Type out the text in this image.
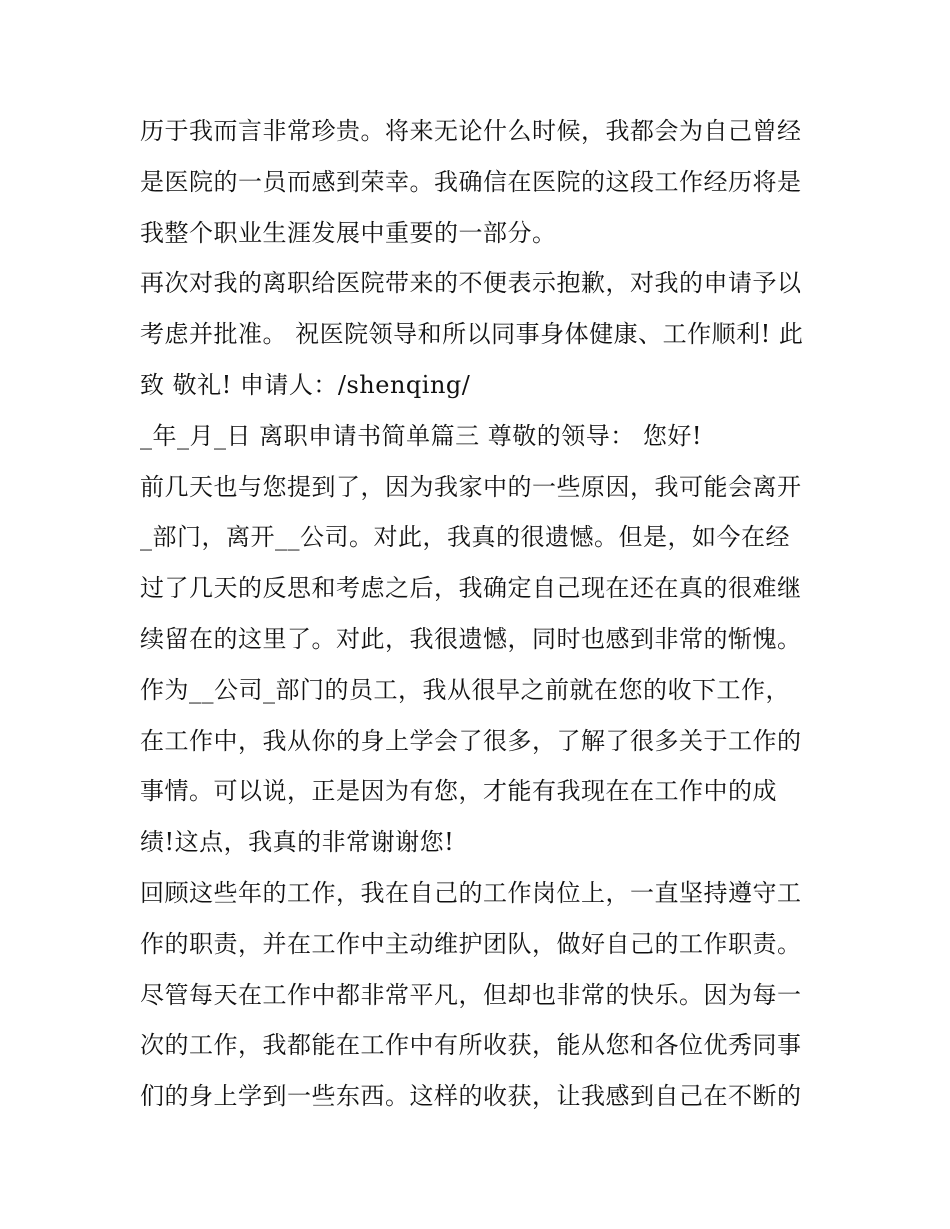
历于我而言非常珍贵。将来无论什么时候，我都会为自己曾经
是医院的一员而感到荣幸。我确信在医院的这段工作经历将是
我整个职业生涯发展中重要的一部分。
再次对我的离职给医院带来的不便表示抱歉，对我的申请予以
考虑并批准。 祝医院领导和所以同事身体健康、工作顺利! 此
致 敬礼! 申请人：/shenqing/
_年_月_日 离职申请书简单篇三 尊敬的领导： 您好!
前几天也与您提到了，因为我家中的一些原因，我可能会离开
_部门，离开__公司。对此，我真的很遗憾。但是，如今在经
过了几天的反思和考虑之后，我确定自己现在还在真的很难继
续留在的这里了。对此，我很遗憾，同时也感到非常的惭愧。
作为__公司_部门的员工，我从很早之前就在您的收下工作，
在工作中，我从你的身上学会了很多，了解了很多关于工作的
事情。可以说，正是因为有您，才能有我现在在工作中的成
绩!这点，我真的非常谢谢您!
回顾这些年的工作，我在自己的工作岗位上，一直坚持遵守工
作的职责，并在工作中主动维护团队，做好自己的工作职责。
尽管每天在工作中都非常平凡，但却也非常的快乐。因为每一
次的工作，我都能在工作中有所收获，能从您和各位优秀同事
们的身上学到一些东西。这样的收获，让我感到自己在不断的
